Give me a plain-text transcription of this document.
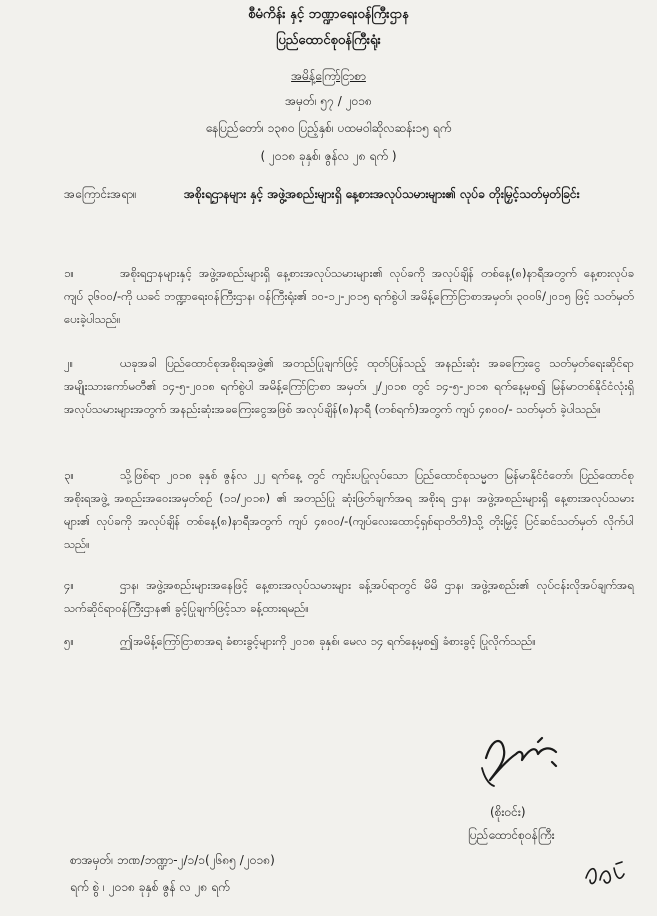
စီမံကိန်း နှင့် ဘဏ္ဍာရေးဝန်ကြီးဌာန
ပြည်ထောင်စုဝန်ကြီးရုံး
အမိန့်ကြော်ငြာစာ
အမှတ်၊ ၅၇ / ၂၀၁၈
နေပြည်တော်၊ ၁၃၈၀ ပြည့်နှစ်၊ ပထမဝါဆိုလဆန်း၁၅ ရက်
( ၂၀၁၈ ခုနှစ်၊ ဇွန်လ ၂၈ ရက် )
အကြောင်းအရာ။	အစိုးရဌာနများ နှင့် အဖွဲ့အစည်းများရှိ နေ့စားအလုပ်သမားများ၏ လုပ်ခ တိုးမြှင့်သတ်မှတ်ခြင်း
၁။	အစိုးရဌာနများနှင့် အဖွဲ့အစည်းများရှိ နေ့စားအလုပ်သမားများ၏ လုပ်ခကို အလုပ်ချိန် တစ်နေ့(၈)နာရီအတွက် နေ့စားလုပ်ခ ကျပ် ၃၆၀၀/-ကို ယခင် ဘဏ္ဍာရေးဝန်ကြီးဌာန၊ ဝန်ကြီးရုံး၏ ၁၀-၁၂-၂၀၁၅ ရက်စွဲပါ အမိန့်ကြော်ငြာစာအမှတ်၊ ၃၀၀၆/၂၀၁၅ ဖြင့် သတ်မှတ်ပေးခဲ့ပါသည်။
၂။	ယခုအခါ ပြည်ထောင်စုအစိုးရအဖွဲ့၏ အတည်ပြုချက်ဖြင့် ထုတ်ပြန်သည့် အနည်းဆုံး အခကြေးငွေ သတ်မှတ်ရေးဆိုင်ရာ အမျိုးသားကော်မတီ၏ ၁၄-၅-၂၀၁၈ ရက်စွဲပါ အမိန့်ကြော်ငြာစာ အမှတ်၊ ၂/၂၀၁၈ တွင် ၁၄-၅-၂၀၁၈ ရက်နေ့မှစ၍ မြန်မာတစ်နိုင်ငံလုံးရှိ အလုပ်သမားများအတွက် အနည်းဆုံးအခကြေးငွေအဖြစ် အလုပ်ချိန်(၈)နာရီ (တစ်ရက်)အတွက် ကျပ် ၄၈၀၀/- သတ်မှတ် ခဲ့ပါသည်။
၃။	သို့ဖြစ်ရာ ၂၀၁၈ ခုနှစ် ဇွန်လ ၂၂ ရက်နေ့ တွင် ကျင်းပပြုလုပ်သော ပြည်ထောင်စုသမ္မတ မြန်မာနိုင်ငံတော်၊ ပြည်ထောင်စုအစိုးရအဖွဲ့ အစည်းအဝေးအမှတ်စဉ် (၁၁/၂၀၁၈) ၏ အတည်ပြု ဆုံးဖြတ်ချက်အရ အစိုးရ ဌာန၊ အဖွဲ့အစည်းများရှိ နေ့စားအလုပ်သမားများ၏ လုပ်ခကို အလုပ်ချိန် တစ်နေ့(၈)နာရီအတွက် ကျပ် ၄၈၀၀/-(ကျပ်လေးထောင့်ရှစ်ရာတိတိ)သို့ တိုးမြှင့် ပြင်ဆင်သတ်မှတ် လိုက်ပါသည်။
၄။	ဌာန၊ အဖွဲ့အစည်းများအနေဖြင့် နေ့စားအလုပ်သမားများ ခန့်အပ်ရာတွင် မိမိ ဌာန၊ အဖွဲ့အစည်း၏ လုပ်ငန်းလိုအပ်ချက်အရ သက်ဆိုင်ရာဝန်ကြီးဌာန၏ ခွင့်ပြုချက်ဖြင့်သာ ခန့်ထားရမည်။
၅။	ဤအမိန့်ကြော်ငြာစာအရ ခံစားခွင့်များကို ၂၀၁၈ ခုနှစ်၊ မေလ ၁၄ ရက်နေ့မှစ၍ ခံစားခွင့် ပြုလိုက်သည်။
(စိုးဝင်း)
ပြည်ထောင်စုဝန်ကြီး
စာအမှတ်၊ ဘဏ/ဘဏ္ဍာ-၂/၁/၁(၂၆၈၅ /၂၀၁၈)
ရက် စွဲ ၊ ၂၀၁၈ ခုနှစ် ဇွန် လ ၂၈ ရက်
